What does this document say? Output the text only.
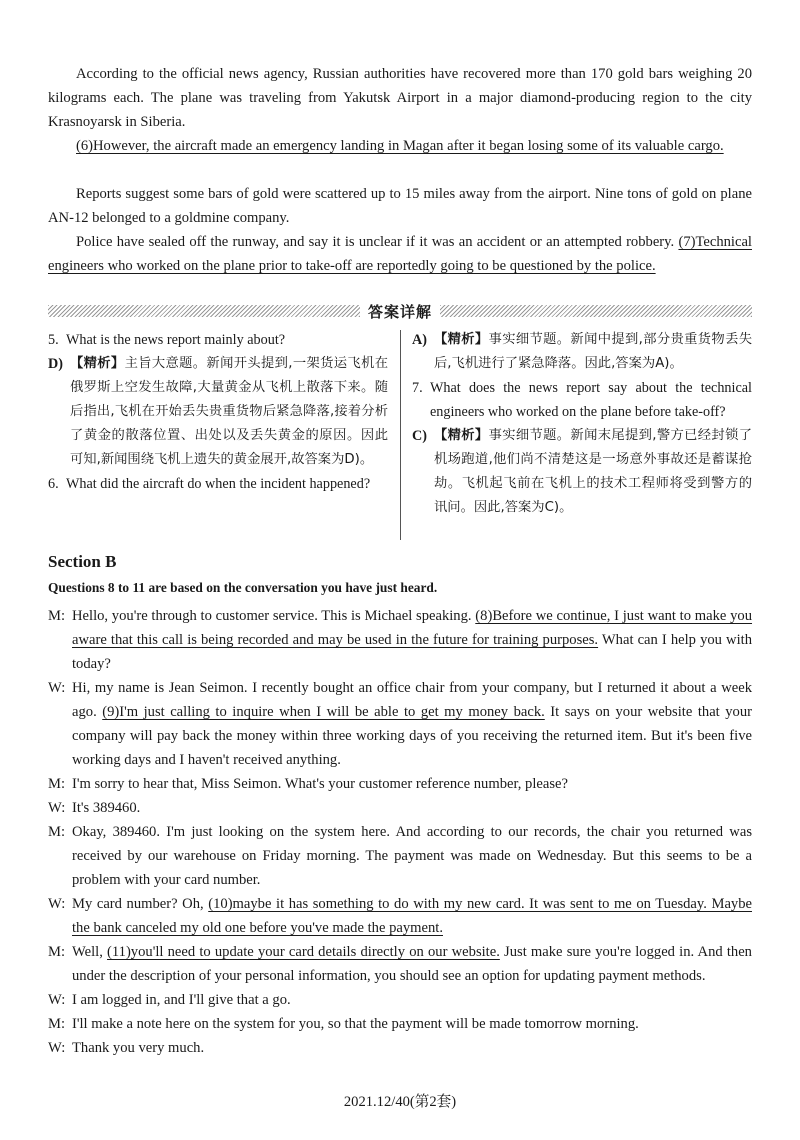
According to the official news agency, Russian authorities have recovered more than 170 gold bars weighing 20 kilograms each. The plane was traveling from Yakutsk Airport in a major diamond-producing region to the city Krasnoyarsk in Siberia.
(6)However, the aircraft made an emergency landing in Magan after it began losing some of its valuable cargo.
Reports suggest some bars of gold were scattered up to 15 miles away from the airport. Nine tons of gold on plane AN-12 belonged to a goldmine company.
Police have sealed off the runway, and say it is unclear if it was an accident or an attempted robbery. (7)Technical engineers who worked on the plane prior to take-off are reportedly going to be questioned by the police.
答案详解
5. What is the news report mainly about?
D) 【精析】主旨大意题。新闻开头提到,一架货运飞机在俄罗斯上空发生故障,大量黄金从飞机上散落下来。随后指出,飞机在开始丢失贵重货物后紧急降落,接着分析了黄金的散落位置、出处以及丢失黄金的原因。因此可知,新闻围绕飞机上遗失的黄金展开,故答案为D)。
6. What did the aircraft do when the incident happened?
A) 【精析】事实细节题。新闻中提到,部分贵重货物丢失后,飞机进行了紧急降落。因此,答案为A)。
7. What does the news report say about the technical engineers who worked on the plane before take-off?
C) 【精析】事实细节题。新闻末尾提到,警方已经封锁了机场跑道,他们尚不清楚这是一场意外事故还是蓄谋抢劫。飞机起飞前在飞机上的技术工程师将受到警方的讯问。因此,答案为C)。
Section B
Questions 8 to 11 are based on the conversation you have just heard.
M: Hello, you're through to customer service. This is Michael speaking. (8)Before we continue, I just want to make you aware that this call is being recorded and may be used in the future for training purposes. What can I help you with today?
W: Hi, my name is Jean Seimon. I recently bought an office chair from your company, but I returned it about a week ago. (9)I'm just calling to inquire when I will be able to get my money back. It says on your website that your company will pay back the money within three working days of you receiving the returned item. But it's been five working days and I haven't received anything.
M: I'm sorry to hear that, Miss Seimon. What's your customer reference number, please?
W: It's 389460.
M: Okay, 389460. I'm just looking on the system here. And according to our records, the chair you returned was received by our warehouse on Friday morning. The payment was made on Wednesday. But this seems to be a problem with your card number.
W: My card number? Oh, (10)maybe it has something to do with my new card. It was sent to me on Tuesday. Maybe the bank canceled my old one before you've made the payment.
M: Well, (11)you'll need to update your card details directly on our website. Just make sure you're logged in. And then under the description of your personal information, you should see an option for updating payment methods.
W: I am logged in, and I'll give that a go.
M: I'll make a note here on the system for you, so that the payment will be made tomorrow morning.
W: Thank you very much.
2021.12/40(第2套)
